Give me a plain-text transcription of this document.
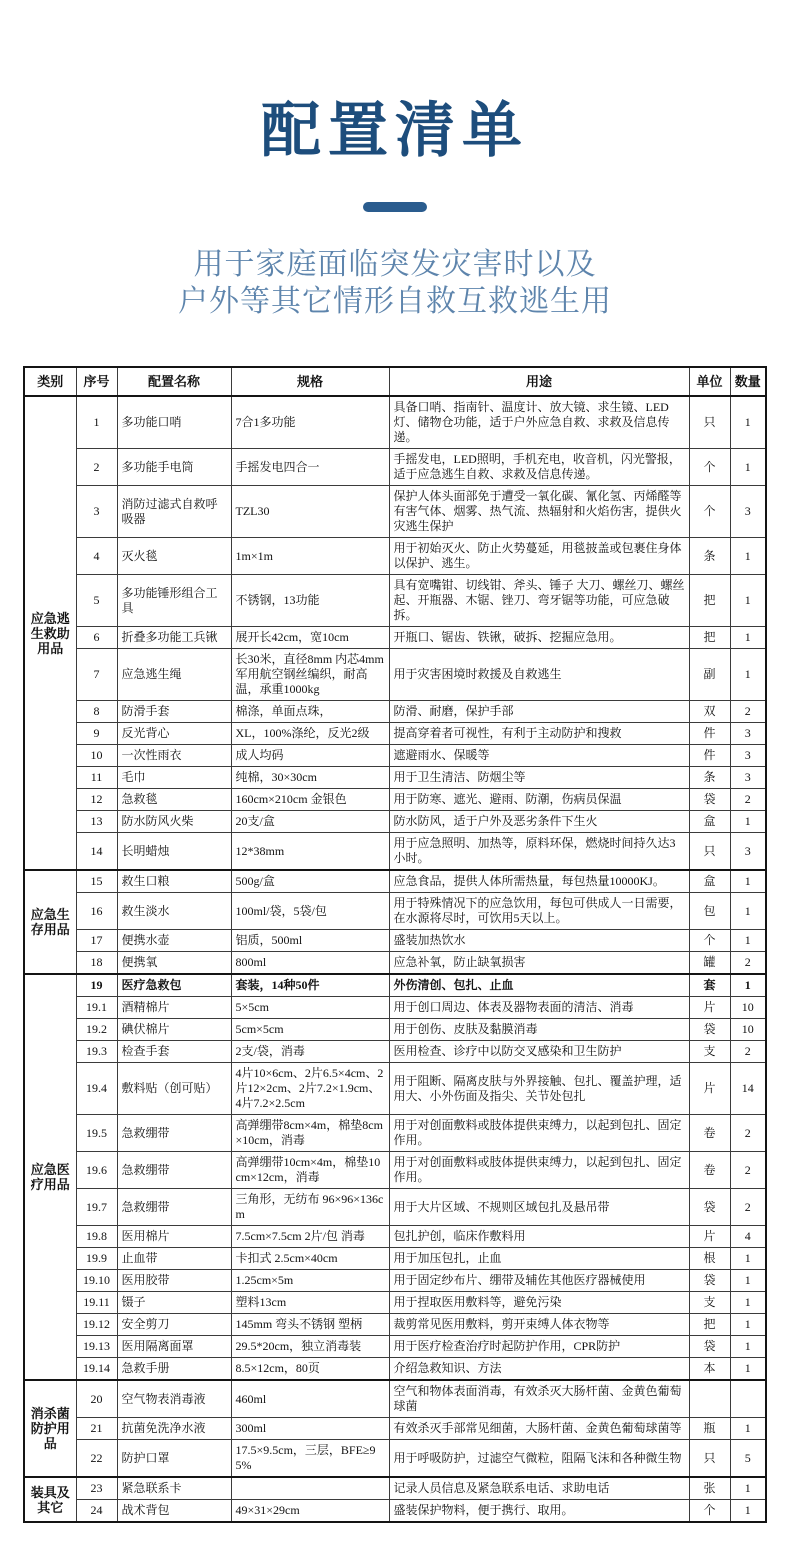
配置清单

用于家庭面临突发灾害时以及
户外等其它情形自救互救逃生用

类别	序号	配置名称	规格	用途	单位	数量
应急逃生救助用品	1	多功能口哨	7合1多功能	具备口哨、指南针、温度计、放大镜、求生镜、LED灯、储物仓功能，适于户外应急自救、求救及信息传递。	只	1
	2	多功能手电筒	手摇发电四合一	手摇发电，LED照明，手机充电，收音机，闪光警报，适于应急逃生自救、求救及信息传递。	个	1
	3	消防过滤式自救呼吸器	TZL30	保护人体头面部免于遭受一氧化碳、氰化氢、丙烯醛等有害气体、烟雾、热气流、热辐射和火焰伤害，提供火灾逃生保护	个	3
	4	灭火毯	1m×1m	用于初始灭火、防止火势蔓延，用毯披盖或包裹住身体以保护、逃生。	条	1
	5	多功能锤形组合工具	不锈钢，13功能	具有宽嘴钳、切线钳、斧头、锤子 大刀、螺丝刀、螺丝起、开瓶器、木锯、锉刀、弯牙锯等功能，可应急破拆。	把	1
	6	折叠多功能工兵锹	展开长42cm，宽10cm	开瓶口、锯齿、铁锹，破拆、挖掘应急用。	把	1
	7	应急逃生绳	长30米，直径8mm 内芯4mm军用航空钢丝编织，耐高温，承重1000kg	用于灾害困境时救援及自救逃生	副	1
	8	防滑手套	棉涤，单面点珠，	防滑、耐磨，保护手部	双	2
	9	反光背心	XL，100%涤纶，反光2级	提高穿着者可视性，有利于主动防护和搜救	件	3
	10	一次性雨衣	成人均码	遮避雨水、保暖等	件	3
	11	毛巾	纯棉，30×30cm	用于卫生清洁、防烟尘等	条	3
	12	急救毯	160cm×210cm 金银色	用于防寒、遮光、避雨、防潮，伤病员保温	袋	2
	13	防水防风火柴	20支/盒	防水防风，适于户外及恶劣条件下生火	盒	1
	14	长明蜡烛	12*38mm	用于应急照明、加热等，原料环保，燃烧时间持久达3小时。	只	3
应急生存用品	15	救生口粮	500g/盒	应急食品，提供人体所需热量，每包热量10000KJ。	盒	1
	16	救生淡水	100ml/袋，5袋/包	用于特殊情况下的应急饮用，每包可供成人一日需要，在水源将尽时，可饮用5天以上。	包	1
	17	便携水壶	铝质，500ml	盛装加热饮水	个	1
	18	便携氧	800ml	应急补氧，防止缺氧损害	罐	2
应急医疗用品	19	医疗急救包	套装，14种50件	外伤清创、包扎、止血	套	1
	19.1	酒精棉片	5×5cm	用于创口周边、体表及器物表面的清洁、消毒	片	10
	19.2	碘伏棉片	5cm×5cm	用于创伤、皮肤及黏膜消毒	袋	10
	19.3	检查手套	2支/袋，消毒	医用检查、诊疗中以防交叉感染和卫生防护	支	2
	19.4	敷料贴（创可贴）	4片10×6cm、2片6.5×4cm、2片12×2cm、2片7.2×1.9cm、4片7.2×2.5cm	用于阻断、隔离皮肤与外界接触、包扎、覆盖护理，适用大、小外伤面及指尖、关节处包扎	片	14
	19.5	急救绷带	高弹绷带8cm×4m，棉垫8cm×10cm，消毒	用于对创面敷料或肢体提供束缚力，以起到包扎、固定作用。	卷	2
	19.6	急救绷带	高弹绷带10cm×4m，棉垫10cm×12cm，消毒	用于对创面敷料或肢体提供束缚力，以起到包扎、固定作用。	卷	2
	19.7	急救绷带	三角形，无纺布 96×96×136cm	用于大片区域、不规则区域包扎及悬吊带	袋	2
	19.8	医用棉片	7.5cm×7.5cm 2片/包 消毒	包扎护创，临床作敷料用	片	4
	19.9	止血带	卡扣式 2.5cm×40cm	用于加压包扎，止血	根	1
	19.10	医用胶带	1.25cm×5m	用于固定纱布片、绷带及辅佐其他医疗器械使用	袋	1
	19.11	镊子	塑料13cm	用于捏取医用敷料等，避免污染	支	1
	19.12	安全剪刀	145mm 弯头不锈钢 塑柄	裁剪常见医用敷料，剪开束缚人体衣物等	把	1
	19.13	医用隔离面罩	29.5*20cm，独立消毒装	用于医疗检查治疗时起防护作用，CPR防护	袋	1
	19.14	急救手册	8.5×12cm，80页	介绍急救知识、方法	本	1
消杀菌防护用品	20	空气物表消毒液	460ml	空气和物体表面消毒，有效杀灭大肠杆菌、金黄色葡萄球菌		
	21	抗菌免洗净水液	300ml	有效杀灭手部常见细菌，大肠杆菌、金黄色葡萄球菌等	瓶	1
	22	防护口罩	17.5×9.5cm，三层，BFE≥95%	用于呼吸防护，过滤空气微粒，阻隔飞沫和各种微生物	只	5
装具及其它	23	紧急联系卡		记录人员信息及紧急联系电话、求助电话	张	1
	24	战术背包	49×31×29cm	盛装保护物料，便于携行、取用。	个	1
